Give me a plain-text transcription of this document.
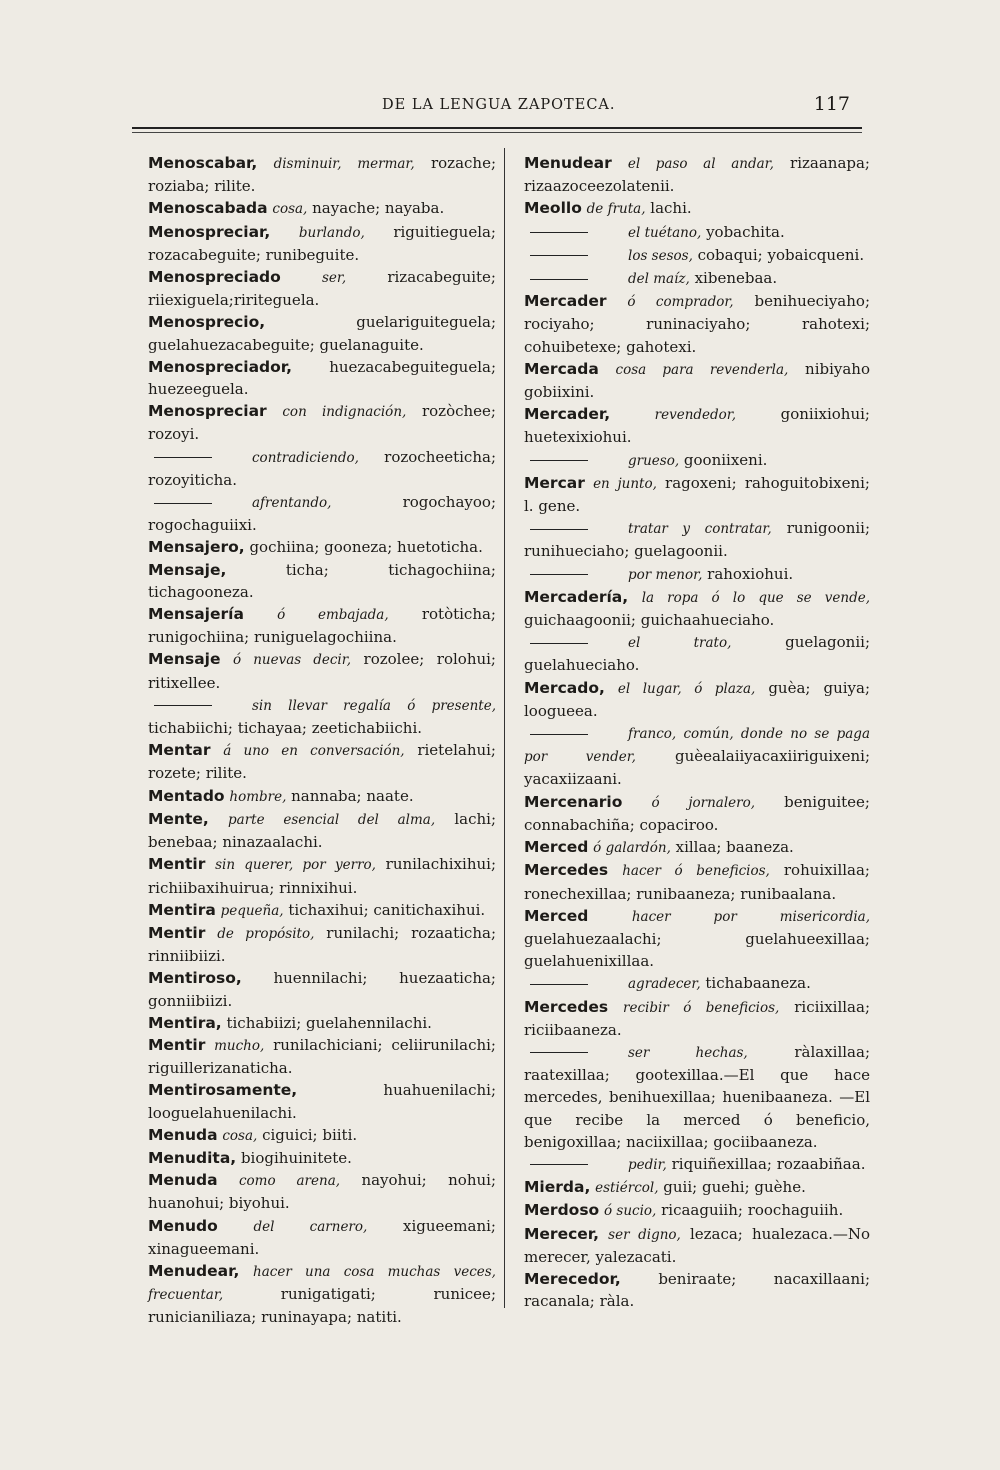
DE LA LENGUA ZAPOTECA.	117

Menoscabar, disminuir, mermar, rozache; roziaba; rilite.

Menoscabada cosa, nayache; nayaba.

Menospreciar, burlando, riguitieguela; rozacabeguite; runibeguite.

Menospreciado	ser, rizacabeguite; riiexiguela;ririteguela.

Menosprecio,	guelariguiteguela; guelahuezacabeguite; guelanaguite.

Menospreciador, huezacabeguiteguela; huezeeguela.

Menospreciar con indignación, rozòchee; rozoyi.

contradiciendo, rozocheeticha; rozoyiticha.

afrentando, rogochayoo; rogochaguiixi.

Mensajero, gochiina; gooneza; huetoticha.

Mensaje,	ticha; tichagochiina; tichagooneza.

Mensajería ó embajada, rotòticha; runigochiina; runiguelagochiina.

Mensaje ó nuevas decir, rozolee; rolohui; ritixellee.

sin llevar regalía ó presente, tichabiichi; tichayaa; zeetichabiichi.

Mentar á uno en conversación, rietelahui; rozete; rilite.

Mentado hombre, nannaba; naate.

Mente, parte esencial del alma, lachi; benebaa; ninazaalachi.

Mentir sin querer, por yerro, runilachixihui; richiibaxihuirua; rinnixihui.

Mentira pequeña, tichaxihui; canitichaxihui.

Mentir de propósito, runilachi; rozaaticha; rinniibiizi.

Mentiroso, huennilachi; huezaaticha; gonniibiizi.

Mentira, tichabiizi; guelahennilachi.

Mentir mucho, runilachiciani; celiirunilachi; riguillerizanaticha.

Mentirosamente,	huahuenilachi; looguelahuenilachi.

Menuda cosa, ciguici; biiti.

Menudita, biogihuinitete.

Menuda como arena, nayohui; nohui; huanohui; biyohui.

Menudo	del carnero, xigueemani; xinagueemani.

Menudear, hacer una cosa muchas veces, frecuentar, runigatigati; runicee; runicianiliaza; runinayapa; natiti.

Menudear el paso al andar, rizaanapa; rizaazoceezolatenii.

Meollo de fruta, lachi.

el tuétano, yobachita.

los sesos, cobaqui; yobaicqueni.

del maíz, xibenebaa.

Mercader ó comprador, benihueciyaho; rociyaho; runinaciyaho; rahotexi; cohuibetexe; gahotexi.

Mercada cosa para revenderla, nibiyaho gobiixini.

Mercader,	revendedor, goniixiohui; huetexixiohui.

grueso, gooniixeni.

Mercar en junto, ragoxeni; rahoguitobixeni; l. gene.

tratar y contratar, runigoonii; runihueciaho; guelagoonii.

por menor, rahoxiohui.

Mercadería, la ropa ó lo que se vende, guichaagoonii; guichaahueciaho.

el trato, guelagonii; guelahueciaho.

Mercado, el lugar, ó plaza, guèa; guiya; loogueea.

franco, común, donde no se paga por vender, guèealaiiyacaxiiriguixeni; yacaxiizaani.

Mercenario ó jornalero, beniguitee; connabachiña; copaciroo.

Merced ó galardón, xillaa; baaneza.

Mercedes hacer ó beneficios, rohuixillaa; ronechexillaa; runibaaneza; runibaalana.

Merced	hacer por misericordia, guelahuezaalachi; guelahueexillaa; guelahuenixillaa.

agradecer, tichabaaneza.

Mercedes recibir ó beneficios, riciixillaa; riciibaaneza.

ser hechas, ràlaxillaa; raatexillaa; gootexillaa.—El que hace mercedes, benihuexillaa; huenibaaneza. —El que recibe la merced ó beneficio, benigoxillaa; naciixillaa; gociibaaneza.

pedir, riquiñexillaa; rozaabiñaa.

Mierda, estiércol, guii; guehi; guèhe.

Merdoso ó sucio, ricaaguiih; roochaguiih.

Merecer, ser digno, lezaca; hualezaca.—No merecer, yalezacati.

Merecedor,	beniraate; nacaxillaani; racanala; ràla.
